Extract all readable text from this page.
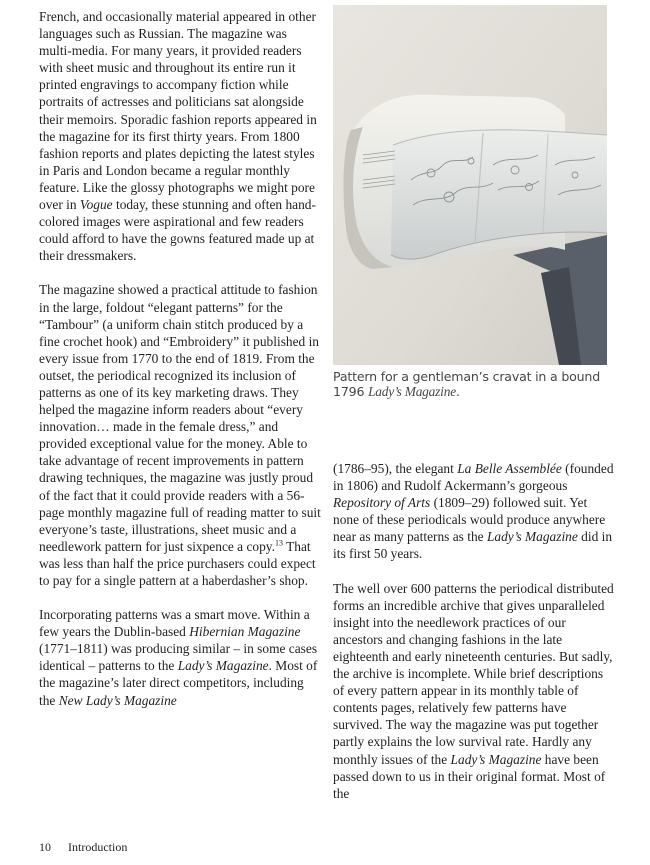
French, and occasionally material appeared in other languages such as Russian. The magazine was multi-media. For many years, it provided readers with sheet music and throughout its entire run it printed engravings to accompany fiction while portraits of actresses and politicians sat alongside their memoirs. Sporadic fashion reports appeared in the magazine for its first thirty years. From 1800 fashion reports and plates depicting the latest styles in Paris and London became a regular monthly feature. Like the glossy photographs we might pore over in Vogue today, these stunning and often hand-colored images were aspirational and few readers could afford to have the gowns featured made up at their dressmakers.

The magazine showed a practical attitude to fashion in the large, foldout “elegant patterns” for the “Tambour” (a uniform chain stitch produced by a fine crochet hook) and “Embroidery” it published in every issue from 1770 to the end of 1819. From the outset, the periodical recognized its inclusion of patterns as one of its key marketing draws. They helped the magazine inform readers about “every innovation… made in the female dress,” and provided exceptional value for the money. Able to take advantage of recent improvements in pattern drawing techniques, the magazine was justly proud of the fact that it could provide readers with a 56-page monthly magazine full of reading matter to suit everyone’s taste, illustrations, sheet music and a needlework pattern for just sixpence a copy.$^{13}$ That was less than half the price purchasers could expect to pay for a single pattern at a haberdasher’s shop.

Incorporating patterns was a smart move. Within a few years the Dublin-based Hibernian Magazine (1771–1811) was producing similar – in some cases identical – patterns to the Lady’s Magazine. Most of the magazine’s later direct competitors, including the New Lady’s Magazine

Pattern for a gentleman’s cravat in a bound 1796 Lady’s Magazine.

(1786–95), the elegant La Belle Assemblée (founded in 1806) and Rudolf Ackermann’s gorgeous Repository of Arts (1809–29) followed suit. Yet none of these periodicals would produce anywhere near as many patterns as the Lady’s Magazine did in its first 50 years.

The well over 600 patterns the periodical distributed forms an incredible archive that gives unparalleled insight into the needlework practices of our ancestors and changing fashions in the late eighteenth and early nineteenth centuries. But sadly, the archive is incomplete. While brief descriptions of every pattern appear in its monthly table of contents pages, relatively few patterns have survived. The way the magazine was put together partly explains the low survival rate. Hardly any monthly issues of the Lady’s Magazine have been passed down to us in their original format. Most of the

10 Introduction
